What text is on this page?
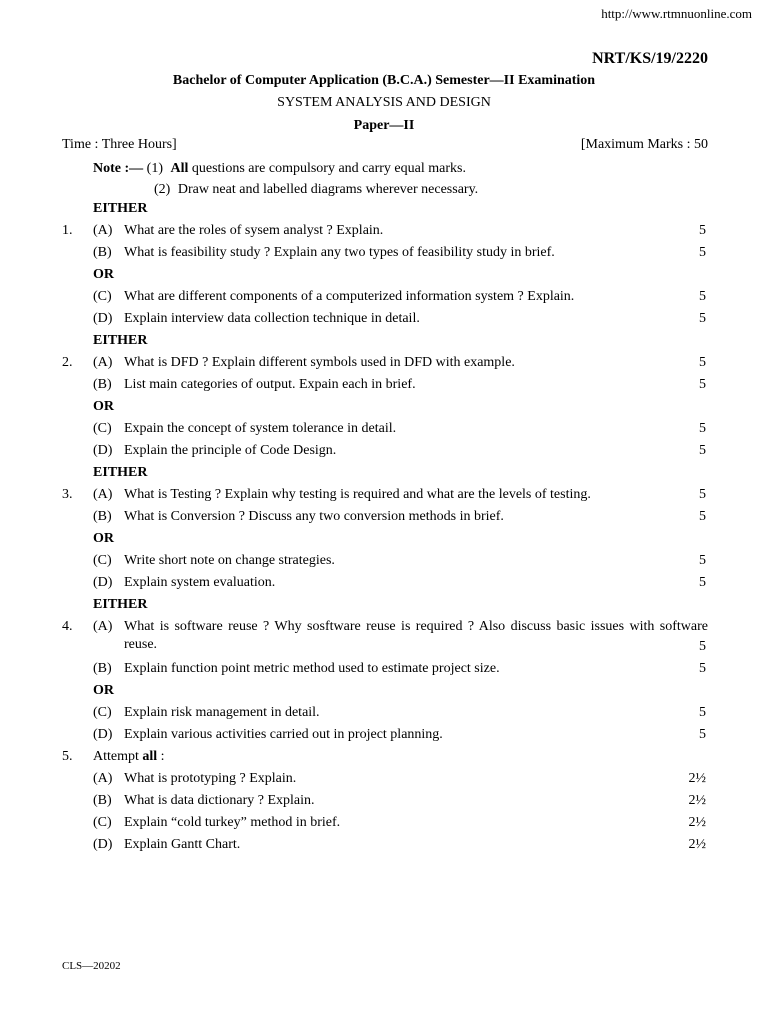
http://www.rtmnuonline.com
NRT/KS/19/2220
Bachelor of Computer Application (B.C.A.) Semester—II Examination
SYSTEM ANALYSIS AND DESIGN
Paper—II
Time : Three Hours]	[Maximum Marks : 50
Note :— (1) All questions are compulsory and carry equal marks.
(2) Draw neat and labelled diagrams wherever necessary.
EITHER
1. (A) What are the roles of sysem analyst ? Explain.	5
(B) What is feasibility study ? Explain any two types of feasibility study in brief.	5
OR
(C) What are different components of a computerized information system ? Explain.	5
(D) Explain interview data collection technique in detail.	5
EITHER
2. (A) What is DFD ? Explain different symbols used in DFD with example.	5
(B) List main categories of output. Expain each in brief.	5
OR
(C) Expain the concept of system tolerance in detail.	5
(D) Explain the principle of Code Design.	5
EITHER
3. (A) What is Testing ? Explain why testing is required and what are the levels of testing.	5
(B) What is Conversion ? Discuss any two conversion methods in brief.	5
OR
(C) Write short note on change strategies.	5
(D) Explain system evaluation.	5
EITHER
4. (A) What is software reuse ? Why sosftware reuse is required ? Also discuss basic issues with software reuse.	5
(B) Explain function point metric method used to estimate project size.	5
OR
(C) Explain risk management in detail.	5
(D) Explain various activities carried out in project planning.	5
5. Attempt all :
(A) What is prototyping ? Explain.	2½
(B) What is data dictionary ? Explain.	2½
(C) Explain “cold turkey” method in brief.	2½
(D) Explain Gantt Chart.	2½
CLS—20202
